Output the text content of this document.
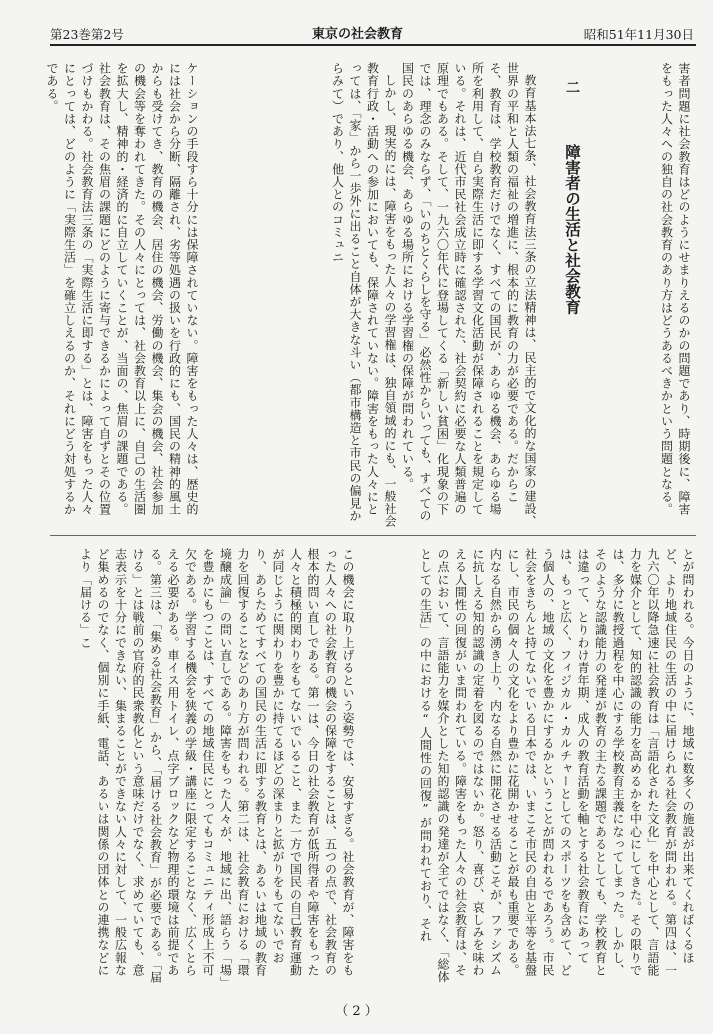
第23巻第2号	東京の社会教育	昭和51年11月30日

害者問題に社会教育はどのようにせまりえるのかの問題であり、時期後に、障害をもった人々への独自の社会教育のあり方はどうあるべきかという問題となる。

二  障害者の生活と社会教育

教育基本法七条、社会教育法三条の立法精神は、民主的で文化的な国家の建設、世界の平和と人類の福祉の増進に、根本的に教育の力が必要である。だからこそ、教育は、学校教育だけでなく、すべての国民が、あらゆる機会、あらゆる場所を利用して、自ら実際生活に即する学習文化活動が保障されることを規定している。それは、近代市民社会成立時に確認された、社会契約に必要な人類普遍の原理でもある。そして、一九六〇年代に登場してくる「新しい貧困」化現象の下では、理念のみならず、「いのちとくらしを守る」必然性からいっても、すべての国民のあらゆる機会、あらゆる場所における学習権の保障が問われている。

しかし、現実的には、障害をもった人々の学習権は、独自領域的にも、一般社会教育行政・活動への参加においても、保障されていない。障害をもった人々にとっては、「家」から一歩外に出ること自体が大きな斗い（都市構造と市民の偏見からみて）であり、他人とのコミュニ

とが問われる。今日のように、地域に数多くの施設が出来てくればくるほど、より地域住民の生活の中に届けられる社会教育が問われる。第四は、一九六〇年以降急速に社会教育は「言語化された文化」を中心として、言語能力を媒介として、知的認識の能力を高めるかを中心にしてきた。その限りでは、多分に教授過程を中心にする学校教育主義になってしまった。しかし、そのような認識能力の発達が教育の主たる課題であるとしても、学校教育とは違って、とりわけ青年期、成人の教育活動を軸とする社会教育にあっては、もっと広く、フィジカル・カルチャーとしてのスポーツをも含めて、どう個人の、地域の文化を豊かにするかということが問われるであろう。市民社会をきちんと持てないでいる日本では、いまこそ市民の自由と平等を基盤にし、市民の個々人の文化をより豊かに花開かせることが最も重要である。内なる自然から湧き上り、内なる自然に開花させる活動こそが、ファシズムに抗しえる知的認識の定着を図るのではないか。怒り、喜び、哀しみを味わえる人間性の回復がいま問われている。障害をもった人々の社会教育は、その点において、言語能力を媒介とした知的認識の発達が全てではなく、「総体としての生活」の中における“人間性の回復”が問われており、それ

この機会に取り上げるという姿勢では、安易すぎる。社会教育が、障害をもった人々への社会教育の機会の保障をすることは、五つの点で、社会教育の根本的問い直しである。第一は、今日の社会教育が低所得者や障害をもった人々と積極的関わりをもてないでいること、また一方で国民の自己教育運動が同じように関わりを豊かに持てるほどの深まりと拡がりをもてないでおり、あらためてすべての国民の生活に即する教育とは、あるいは地域の教育力を回復することなどのあり方が問われる。第二は、社会教育における「環境醸成論」の問い直しである。障害をもった人々が、地域に出、語らう「場」を豊かにもつことは、すべての地域住民にとってもコミュニティ形成上不可欠である。学習する機会を狭義の学級・講座に限定することなく、広くとらえる必要がある。車イス用トイレ、点字ブロックなど物理的環境は前提である。第三は、「集める社会教育」から、「届ける社会教育」が必要である。「届ける」とは戦前の官府的民衆教化という意味だけでなく、求めていても、意志表示を十分にできない、集まることができない人々に対して、一般広報など集めるのでなく、個別に手紙、電話、あるいは関係の団体との連携などにより「届ける」こ

（ 2 ）

ケーションの手段すら十分には保障されていない。障害をもった人々は、歴史的には社会から分断、隔離され、劣等処遇の扱いを行政的にも、国民の精神的風土からも受けてき、教育の機会、居住の機会、労働の機会、集会の機会、社会参加の機会等を奪われてきた。その人々にとっては、社会教育以上に、自己の生活圏を拡大し、精神的・経済的に自立していくことが、当面の、焦眉の課題である。社会教育は、その焦眉の課題にどのように寄与できるかによって自ずとその位置づけもかわる。社会教育法三条の「実際生活に即する」とは、障害をもった人々にとっては、どのように「実際生活」を確立しえるのか、それにどう対処するかである。
